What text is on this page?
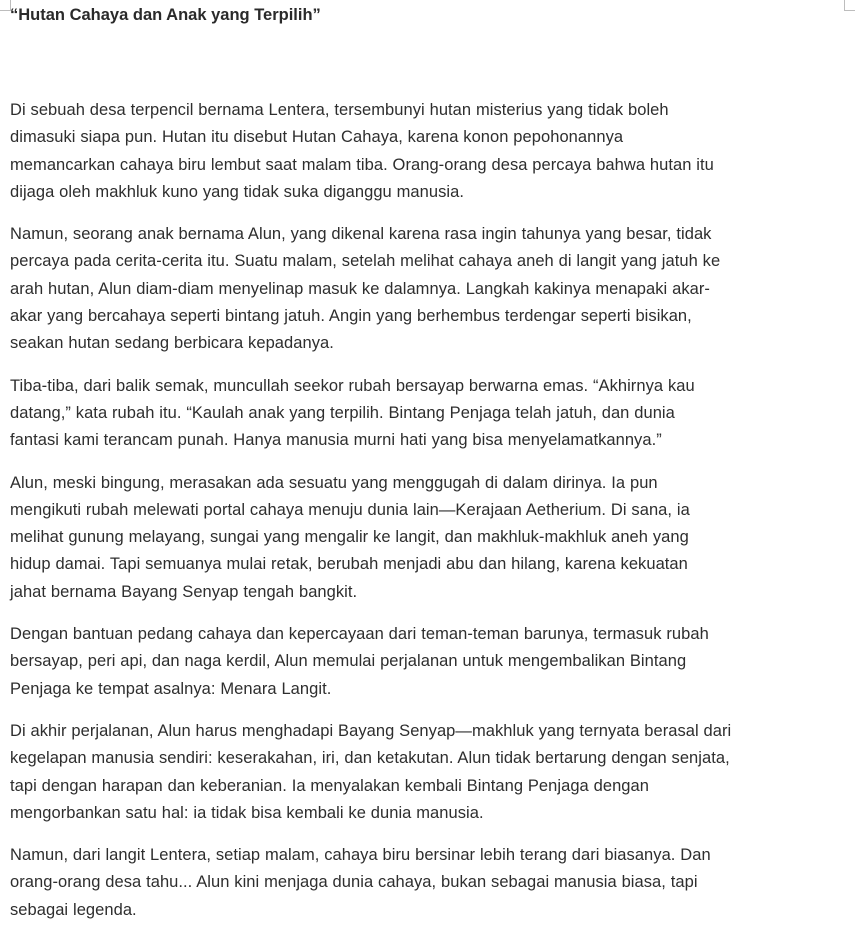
“Hutan Cahaya dan Anak yang Terpilih”

Di sebuah desa terpencil bernama Lentera, tersembunyi hutan misterius yang tidak boleh
dimasuki siapa pun. Hutan itu disebut Hutan Cahaya, karena konon pepohonannya
memancarkan cahaya biru lembut saat malam tiba. Orang-orang desa percaya bahwa hutan itu
dijaga oleh makhluk kuno yang tidak suka diganggu manusia.

Namun, seorang anak bernama Alun, yang dikenal karena rasa ingin tahunya yang besar, tidak
percaya pada cerita-cerita itu. Suatu malam, setelah melihat cahaya aneh di langit yang jatuh ke
arah hutan, Alun diam-diam menyelinap masuk ke dalamnya. Langkah kakinya menapaki akar-
akar yang bercahaya seperti bintang jatuh. Angin yang berhembus terdengar seperti bisikan,
seakan hutan sedang berbicara kepadanya.

Tiba-tiba, dari balik semak, muncullah seekor rubah bersayap berwarna emas. “Akhirnya kau
datang,” kata rubah itu. “Kaulah anak yang terpilih. Bintang Penjaga telah jatuh, dan dunia
fantasi kami terancam punah. Hanya manusia murni hati yang bisa menyelamatkannya.”

Alun, meski bingung, merasakan ada sesuatu yang menggugah di dalam dirinya. Ia pun
mengikuti rubah melewati portal cahaya menuju dunia lain—Kerajaan Aetherium. Di sana, ia
melihat gunung melayang, sungai yang mengalir ke langit, dan makhluk-makhluk aneh yang
hidup damai. Tapi semuanya mulai retak, berubah menjadi abu dan hilang, karena kekuatan
jahat bernama Bayang Senyap tengah bangkit.

Dengan bantuan pedang cahaya dan kepercayaan dari teman-teman barunya, termasuk rubah
bersayap, peri api, dan naga kerdil, Alun memulai perjalanan untuk mengembalikan Bintang
Penjaga ke tempat asalnya: Menara Langit.

Di akhir perjalanan, Alun harus menghadapi Bayang Senyap—makhluk yang ternyata berasal dari
kegelapan manusia sendiri: keserakahan, iri, dan ketakutan. Alun tidak bertarung dengan senjata,
tapi dengan harapan dan keberanian. Ia menyalakan kembali Bintang Penjaga dengan
mengorbankan satu hal: ia tidak bisa kembali ke dunia manusia.

Namun, dari langit Lentera, setiap malam, cahaya biru bersinar lebih terang dari biasanya. Dan
orang-orang desa tahu... Alun kini menjaga dunia cahaya, bukan sebagai manusia biasa, tapi
sebagai legenda.
